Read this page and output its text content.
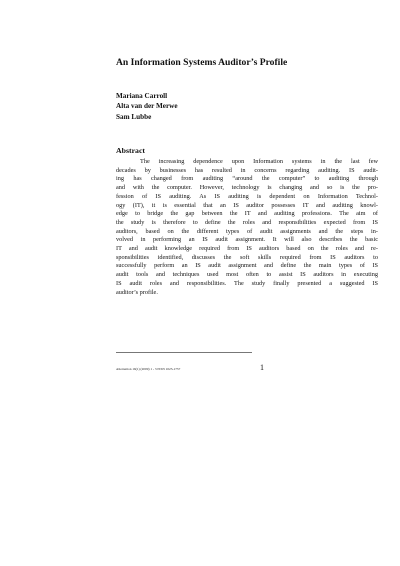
An Information Systems Auditor’s Profile
Mariana Carroll
Alta van der Merwe
Sam Lubbe
Abstract
The increasing dependence upon Information systems in the last few
decades by businesses has resulted in concerns regarding auditing. IS audit-
ing has changed from auditing “around the computer” to auditing through
and with the computer. However, technology is changing and so is the pro-
fession of IS auditing. As IS auditing is dependent on Information Technol-
ogy (IT), it is essential that an IS auditor possesses IT and auditing knowl-
edge to bridge the gap between the IT and auditing professions. The aim of
the study is therefore to define the roles and responsibilities expected from IS
auditors, based on the different types of audit assignments and the steps in-
volved in performing an IS audit assignment. It will also describes the basic
IT and audit knowledge required from IS auditors based on the roles and re-
sponsibilities identified, discusses the soft skills required from IS auditors to
successfully perform an IS audit assignment and define the main types of IS
audit tools and techniques used most often to assist IS auditors in executing
IS audit roles and responsibilities. The study finally presented a suggested IS
auditor’s profile.
Alternation 16(1) (2009) 1 - 3 ISSN 1023-1757	1
